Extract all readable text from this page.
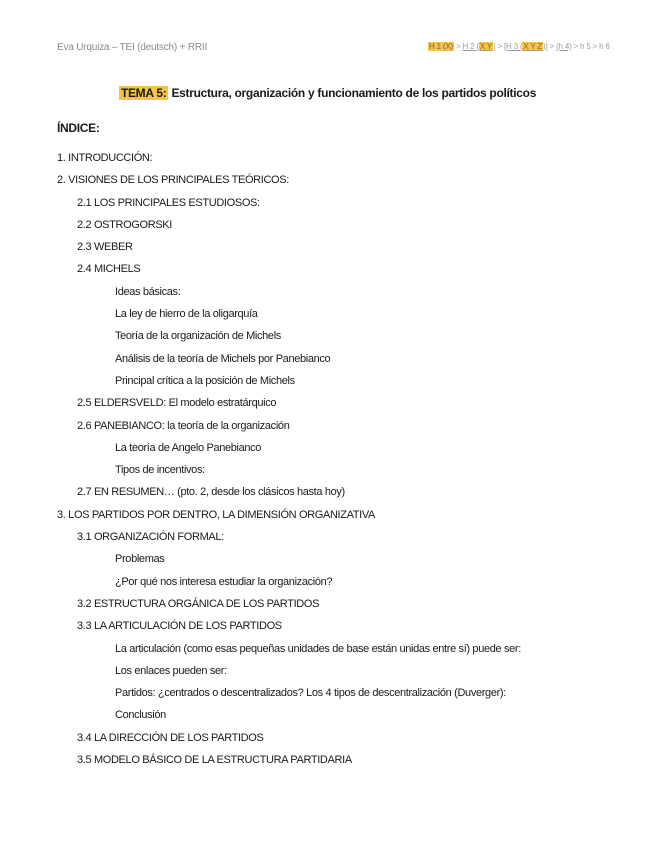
Eva Urquiza – TEI (deutsch) + RRII	H 1 (X) > H 2 (X Y) > [H 3 (X Y Z)] > (h 4) > h 5 > h 6
TEMA 5: Estructura, organización y funcionamiento de los partidos políticos
ÍNDICE:
1. INTRODUCCIÓN:
2. VISIONES DE LOS PRINCIPALES TEÓRICOS:
2.1 LOS PRINCIPALES ESTUDIOSOS:
2.2 OSTROGORSKI
2.3 WEBER
2.4 MICHELS
Ideas básicas:
La ley de hierro de la oligarquía
Teoría de la organización de Michels
Análisis de la teoría de Michels por Panebianco
Principal crítica a la posición de Michels
2.5 ELDERSVELD: El modelo estratárquico
2.6 PANEBIANCO: la teoría de la organización
La teoría de Angelo Panebianco
Tipos de incentivos:
2.7 EN RESUMEN… (pto. 2, desde los clásicos hasta hoy)
3. LOS PARTIDOS POR DENTRO, LA DIMENSIÓN ORGANIZATIVA
3.1 ORGANIZACIÓN FORMAL:
Problemas
¿Por qué nos interesa estudiar la organización?
3.2 ESTRUCTURA ORGÁNICA DE LOS PARTIDOS
3.3 LA ARTICULACIÓN DE LOS PARTIDOS
La articulación (como esas pequeñas unidades de base están unidas entre sí) puede ser:
Los enlaces pueden ser:
Partidos: ¿centrados o descentralizados? Los 4 tipos de descentralización (Duverger):
Conclusión
3.4 LA DIRECCIÓN DE LOS PARTIDOS
3.5 MODELO BÁSICO DE LA ESTRUCTURA PARTIDARIA
